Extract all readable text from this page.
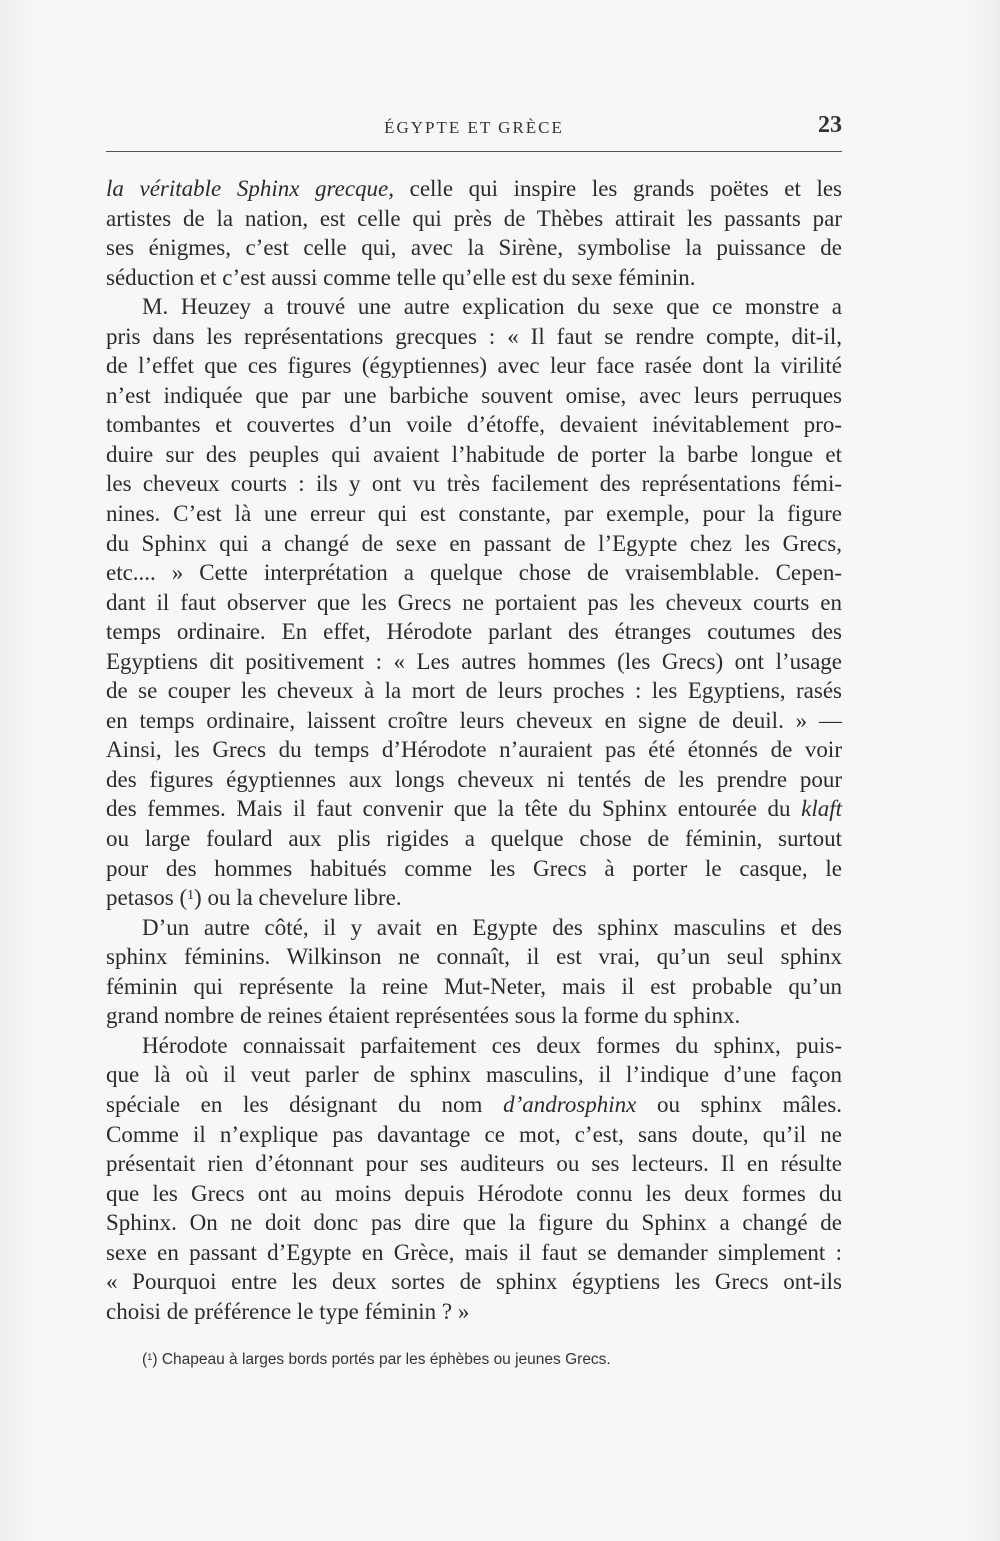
ÉGYPTE ET GRÈCE	23
la véritable Sphinx grecque, celle qui inspire les grands poëtes et les
artistes de la nation, est celle qui près de Thèbes attirait les passants par
ses énigmes, c’est celle qui, avec la Sirène, symbolise la puissance de
séduction et c’est aussi comme telle qu’elle est du sexe féminin.
M. Heuzey a trouvé une autre explication du sexe que ce monstre a
pris dans les représentations grecques : « Il faut se rendre compte, dit-il,
de l’effet que ces figures (égyptiennes) avec leur face rasée dont la virilité
n’est indiquée que par une barbiche souvent omise, avec leurs perruques
tombantes et couvertes d’un voile d’étoffe, devaient inévitablement pro-
duire sur des peuples qui avaient l’habitude de porter la barbe longue et
les cheveux courts : ils y ont vu très facilement des représentations fémi-
nines. C’est là une erreur qui est constante, par exemple, pour la figure
du Sphinx qui a changé de sexe en passant de l’Egypte chez les Grecs,
etc.... » Cette interprétation a quelque chose de vraisemblable. Cepen-
dant il faut observer que les Grecs ne portaient pas les cheveux courts en
temps ordinaire. En effet, Hérodote parlant des étranges coutumes des
Egyptiens dit positivement : « Les autres hommes (les Grecs) ont l’usage
de se couper les cheveux à la mort de leurs proches : les Egyptiens, rasés
en temps ordinaire, laissent croître leurs cheveux en signe de deuil. » —
Ainsi, les Grecs du temps d’Hérodote n’auraient pas été étonnés de voir
des figures égyptiennes aux longs cheveux ni tentés de les prendre pour
des femmes. Mais il faut convenir que la tête du Sphinx entourée du klaft
ou large foulard aux plis rigides a quelque chose de féminin, surtout
pour des hommes habitués comme les Grecs à porter le casque, le
petasos ($^1$) ou la chevelure libre.
D’un autre côté, il y avait en Egypte des sphinx masculins et des
sphinx féminins. Wilkinson ne connaît, il est vrai, qu’un seul sphinx
féminin qui représente la reine Mut-Neter, mais il est probable qu’un
grand nombre de reines étaient représentées sous la forme du sphinx.
Hérodote connaissait parfaitement ces deux formes du sphinx, puis-
que là où il veut parler de sphinx masculins, il l’indique d’une façon
spéciale en les désignant du nom d’androsphinx ou sphinx mâles.
Comme il n’explique pas davantage ce mot, c’est, sans doute, qu’il ne
présentait rien d’étonnant pour ses auditeurs ou ses lecteurs. Il en résulte
que les Grecs ont au moins depuis Hérodote connu les deux formes du
Sphinx. On ne doit donc pas dire que la figure du Sphinx a changé de
sexe en passant d’Egypte en Grèce, mais il faut se demander simplement :
« Pourquoi entre les deux sortes de sphinx égyptiens les Grecs ont-ils
choisi de préférence le type féminin ? »
($^1$) Chapeau à larges bords portés par les éphèbes ou jeunes Grecs.
